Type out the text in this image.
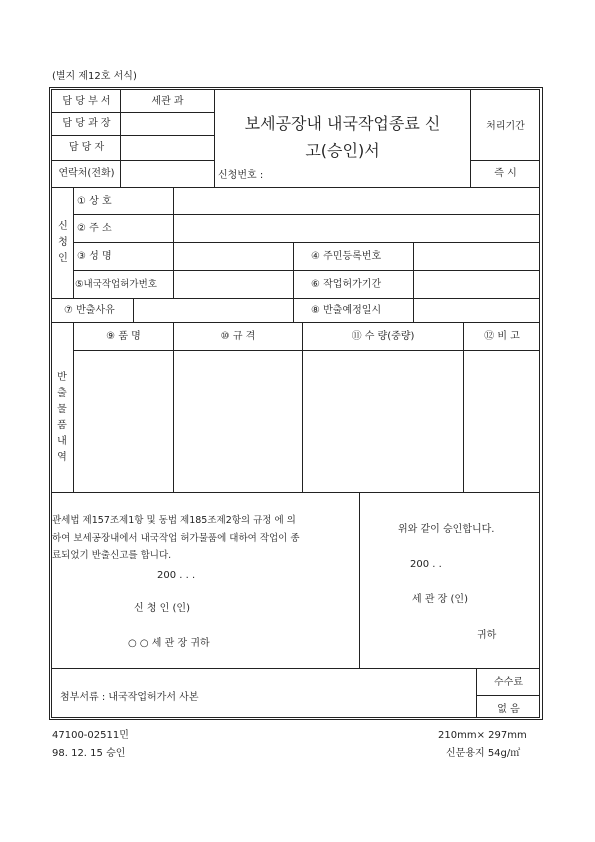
(별지 제12호 서식)
담 당 부 서	세관 과
담 당 과 장
담 당 자
연락처(전화)
보세공장내 내국작업종료 신
고(승인)서
신청번호 :
처리기간
즉 시
신청인
① 상 호
② 주 소
③ 성 명	④ 주민등록번호
⑤내국작업허가번호	⑥ 작업허가기간
⑦ 반출사유	⑧ 반출예정일시
반출물품내역
⑨ 품 명	⑩ 규 격	⑪ 수 량(중량)	⑫ 비 고
관세법 제157조제1항 및 동법 제185조제2항의 규정 에 의
하여 보세공장내에서 내국작업 허가물품에 대하여 작업이 종
료되었기 반출신고를 합니다.
200 . . .
신 청 인 (인)
○ ○ 세 관 장 귀하
위와 같이 승인합니다.
200 . .
세 관 장 (인)
귀하
첨부서류 : 내국작업허가서 사본
수수료
없 음
47100-02511민
98. 12. 15 승인
210mm× 297mm
신문용지 54g/㎡
